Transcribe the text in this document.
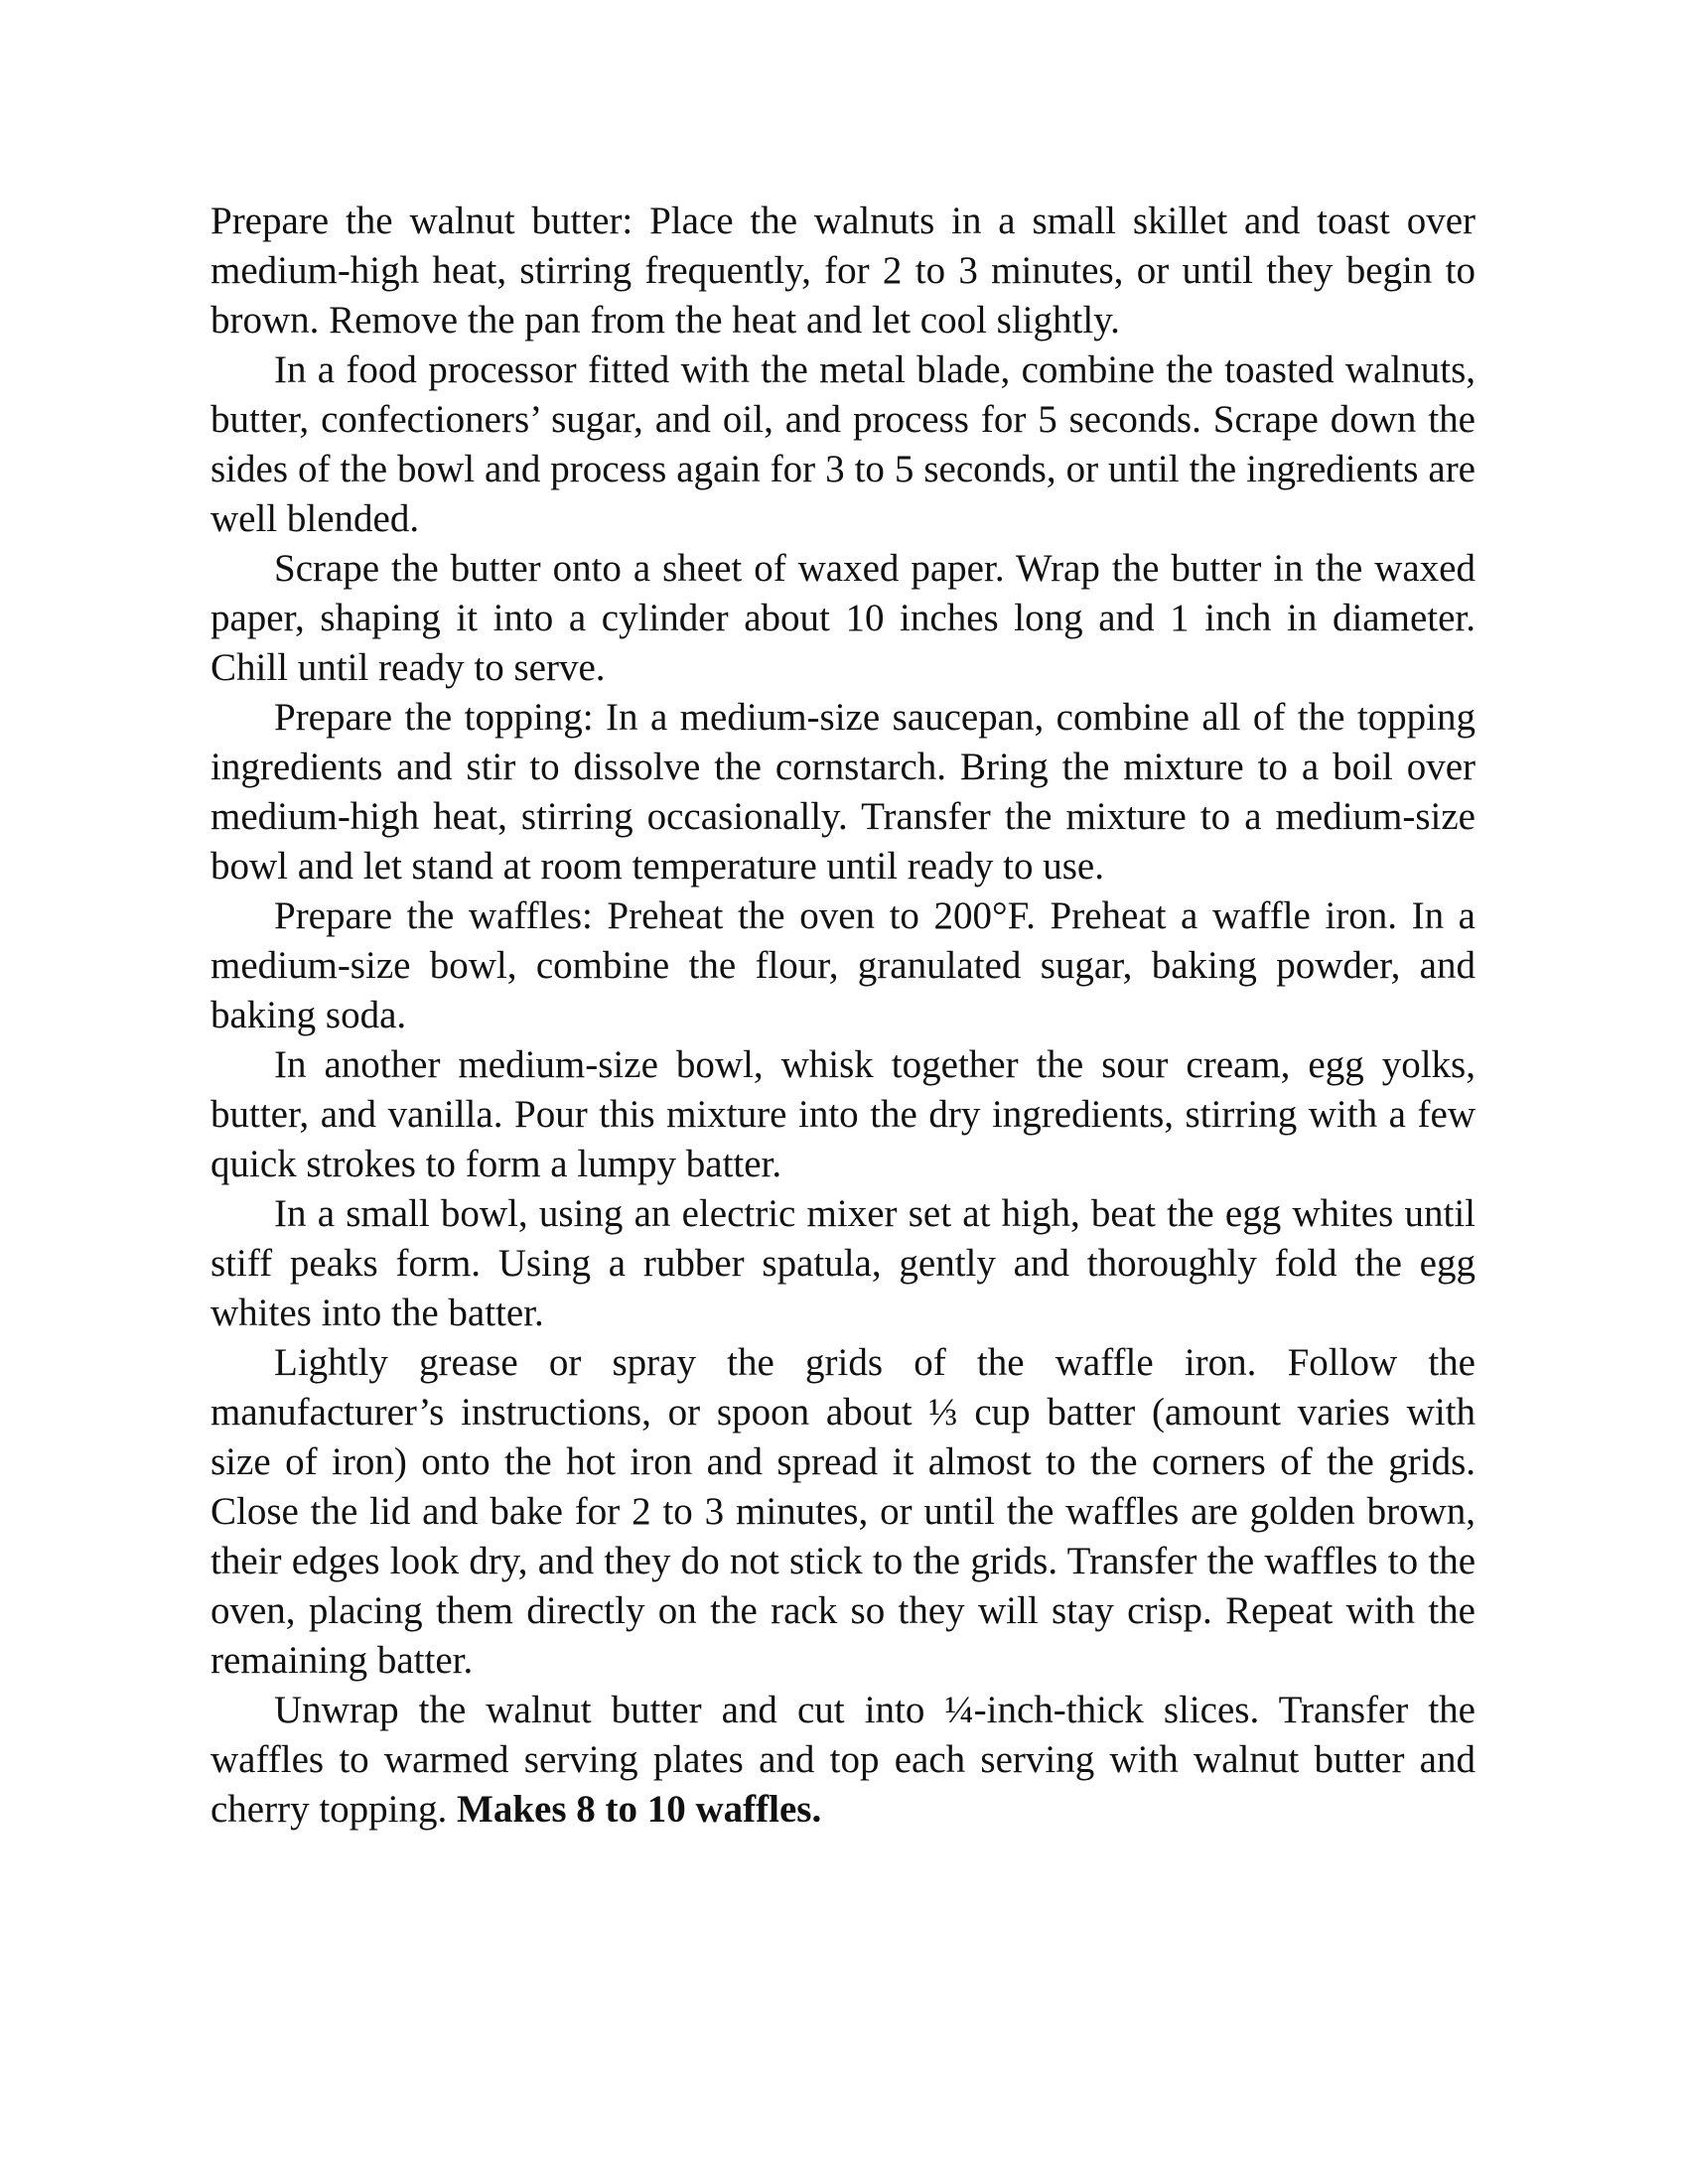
Prepare the walnut butter: Place the walnuts in a small skillet and toast over medium-high heat, stirring frequently, for 2 to 3 minutes, or until they begin to brown. Remove the pan from the heat and let cool slightly.

In a food processor fitted with the metal blade, combine the toasted walnuts, butter, confectioners’ sugar, and oil, and process for 5 seconds. Scrape down the sides of the bowl and process again for 3 to 5 seconds, or until the ingredients are well blended.

Scrape the butter onto a sheet of waxed paper. Wrap the butter in the waxed paper, shaping it into a cylinder about 10 inches long and 1 inch in diameter. Chill until ready to serve.

Prepare the topping: In a medium-size saucepan, combine all of the topping ingredients and stir to dissolve the cornstarch. Bring the mixture to a boil over medium-high heat, stirring occasionally. Transfer the mixture to a medium-size bowl and let stand at room temperature until ready to use.

Prepare the waffles: Preheat the oven to 200°F. Preheat a waffle iron. In a medium-size bowl, combine the flour, granulated sugar, baking powder, and baking soda.

In another medium-size bowl, whisk together the sour cream, egg yolks, butter, and vanilla. Pour this mixture into the dry ingredients, stirring with a few quick strokes to form a lumpy batter.

In a small bowl, using an electric mixer set at high, beat the egg whites until stiff peaks form. Using a rubber spatula, gently and thoroughly fold the egg whites into the batter.

Lightly grease or spray the grids of the waffle iron. Follow the manufacturer’s instructions, or spoon about ⅓ cup batter (amount varies with size of iron) onto the hot iron and spread it almost to the corners of the grids. Close the lid and bake for 2 to 3 minutes, or until the waffles are golden brown, their edges look dry, and they do not stick to the grids. Transfer the waffles to the oven, placing them directly on the rack so they will stay crisp. Repeat with the remaining batter.

Unwrap the walnut butter and cut into ¼-inch-thick slices. Transfer the waffles to warmed serving plates and top each serving with walnut butter and cherry topping. Makes 8 to 10 waffles.
